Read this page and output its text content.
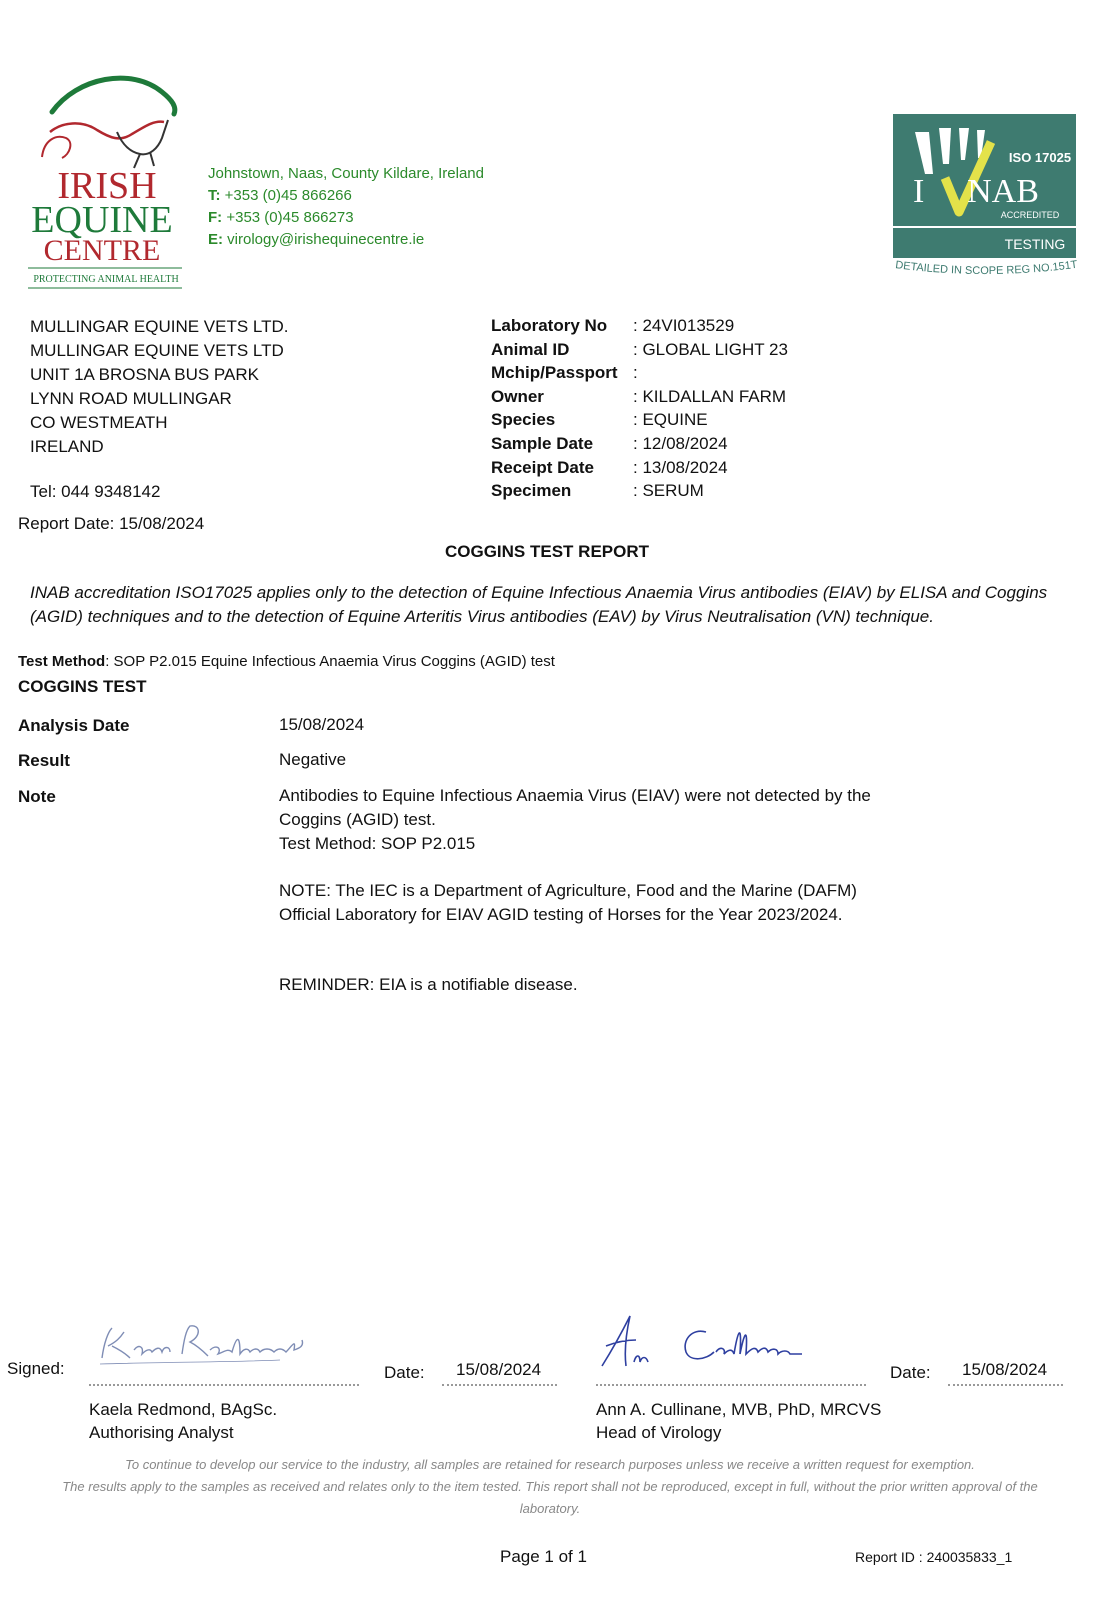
IRISH
EQUINE
CENTRE
PROTECTING ANIMAL HEALTH
Johnstown, Naas, County Kildare, Ireland
T: +353 (0)45 866266
F: +353 (0)45 866273
E: virology@irishequinecentre.ie
ISO 17025
I NAB
ACCREDITED
TESTING
DETAILED IN SCOPE REG NO.151T
MULLINGAR EQUINE VETS LTD.
MULLINGAR EQUINE VETS LTD
UNIT 1A BROSNA BUS PARK
LYNN ROAD MULLINGAR
CO WESTMEATH
IRELAND
Tel: 044 9348142
Report Date: 15/08/2024
Laboratory No	: 24VI013529
Animal ID	: GLOBAL LIGHT 23
Mchip/Passport	:
Owner	: KILDALLAN FARM
Species	: EQUINE
Sample Date	: 12/08/2024
Receipt Date	: 13/08/2024
Specimen	: SERUM
COGGINS TEST REPORT
INAB accreditation ISO17025 applies only to the detection of Equine Infectious Anaemia Virus antibodies (EIAV) by ELISA and Coggins (AGID) techniques and to the detection of Equine Arteritis Virus antibodies (EAV) by Virus Neutralisation (VN) technique.
Test Method: SOP P2.015 Equine Infectious Anaemia Virus Coggins (AGID) test
COGGINS TEST
Analysis Date	15/08/2024
Result	Negative
Note	Antibodies to Equine Infectious Anaemia Virus (EIAV) were not detected by the Coggins (AGID) test.
Test Method: SOP P2.015
NOTE: The IEC is a Department of Agriculture, Food and the Marine (DAFM) Official Laboratory for EIAV AGID testing of Horses for the Year 2023/2024.
REMINDER: EIA is a notifiable disease.
Signed:	Date: 15/08/2024
Kaela Redmond, BAgSc.
Authorising Analyst
Date: 15/08/2024
Ann A. Cullinane, MVB, PhD, MRCVS
Head of Virology
To continue to develop our service to the industry, all samples are retained for research purposes unless we receive a written request for exemption.
The results apply to the samples as received and relates only to the item tested. This report shall not be reproduced, except in full, without the prior written approval of the laboratory.
Page 1 of 1	Report ID : 240035833_1
